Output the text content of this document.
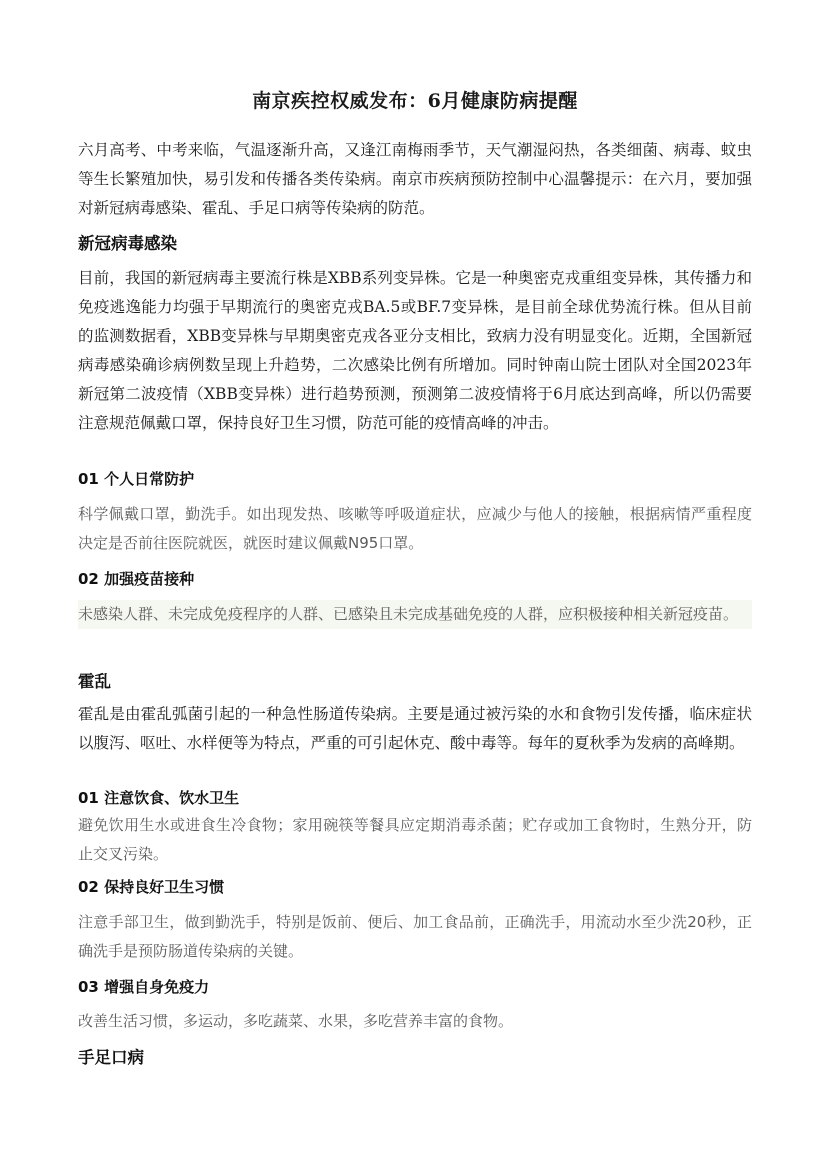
南京疾控权威发布：6月健康防病提醒
六月高考、中考来临，气温逐渐升高，又逢江南梅雨季节，天气潮湿闷热，各类细菌、病毒、蚊虫等生长繁殖加快，易引发和传播各类传染病。南京市疾病预防控制中心温馨提示：在六月，要加强对新冠病毒感染、霍乱、手足口病等传染病的防范。
新冠病毒感染
目前，我国的新冠病毒主要流行株是XBB系列变异株。它是一种奥密克戎重组变异株，其传播力和免疫逃逸能力均强于早期流行的奥密克戎BA.5或BF.7变异株，是目前全球优势流行株。但从目前的监测数据看，XBB变异株与早期奥密克戎各亚分支相比，致病力没有明显变化。近期，全国新冠病毒感染确诊病例数呈现上升趋势，二次感染比例有所增加。同时钟南山院士团队对全国2023年新冠第二波疫情（XBB变异株）进行趋势预测，预测第二波疫情将于6月底达到高峰，所以仍需要注意规范佩戴口罩，保持良好卫生习惯，防范可能的疫情高峰的冲击。
01 个人日常防护
科学佩戴口罩，勤洗手。如出现发热、咳嗽等呼吸道症状，应减少与他人的接触，根据病情严重程度决定是否前往医院就医，就医时建议佩戴N95口罩。
02 加强疫苗接种
未感染人群、未完成免疫程序的人群、已感染且未完成基础免疫的人群，应积极接种相关新冠疫苗。
霍乱
霍乱是由霍乱弧菌引起的一种急性肠道传染病。主要是通过被污染的水和食物引发传播，临床症状以腹泻、呕吐、水样便等为特点，严重的可引起休克、酸中毒等。每年的夏秋季为发病的高峰期。
01 注意饮食、饮水卫生
避免饮用生水或进食生冷食物；家用碗筷等餐具应定期消毒杀菌；贮存或加工食物时，生熟分开，防止交叉污染。
02 保持良好卫生习惯
注意手部卫生，做到勤洗手，特别是饭前、便后、加工食品前，正确洗手，用流动水至少洗20秒，正确洗手是预防肠道传染病的关键。
03 增强自身免疫力
改善生活习惯，多运动，多吃蔬菜、水果，多吃营养丰富的食物。
手足口病
